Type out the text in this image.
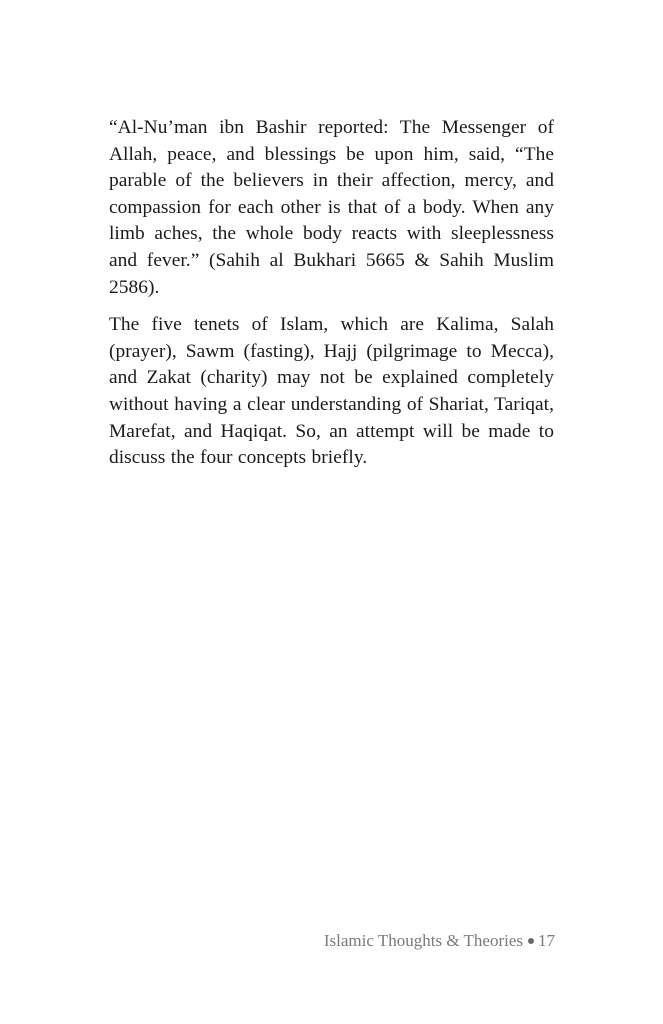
“Al-Nu’man ibn Bashir reported: The Messenger of Allah, peace, and blessings be upon him, said, “The parable of the believers in their affection, mercy, and compassion for each other is that of a body. When any limb aches, the whole body reacts with sleeplessness and fever.” (Sahih al Bukhari 5665 & Sahih Muslim 2586).

The five tenets of Islam, which are Kalima, Salah (prayer), Sawm (fasting), Hajj (pilgrimage to Mecca), and Zakat (charity) may not be explained completely without having a clear understanding of Shariat, Tariqat, Marefat, and Haqiqat. So, an attempt will be made to discuss the four concepts briefly.

Islamic Thoughts & Theories 17
